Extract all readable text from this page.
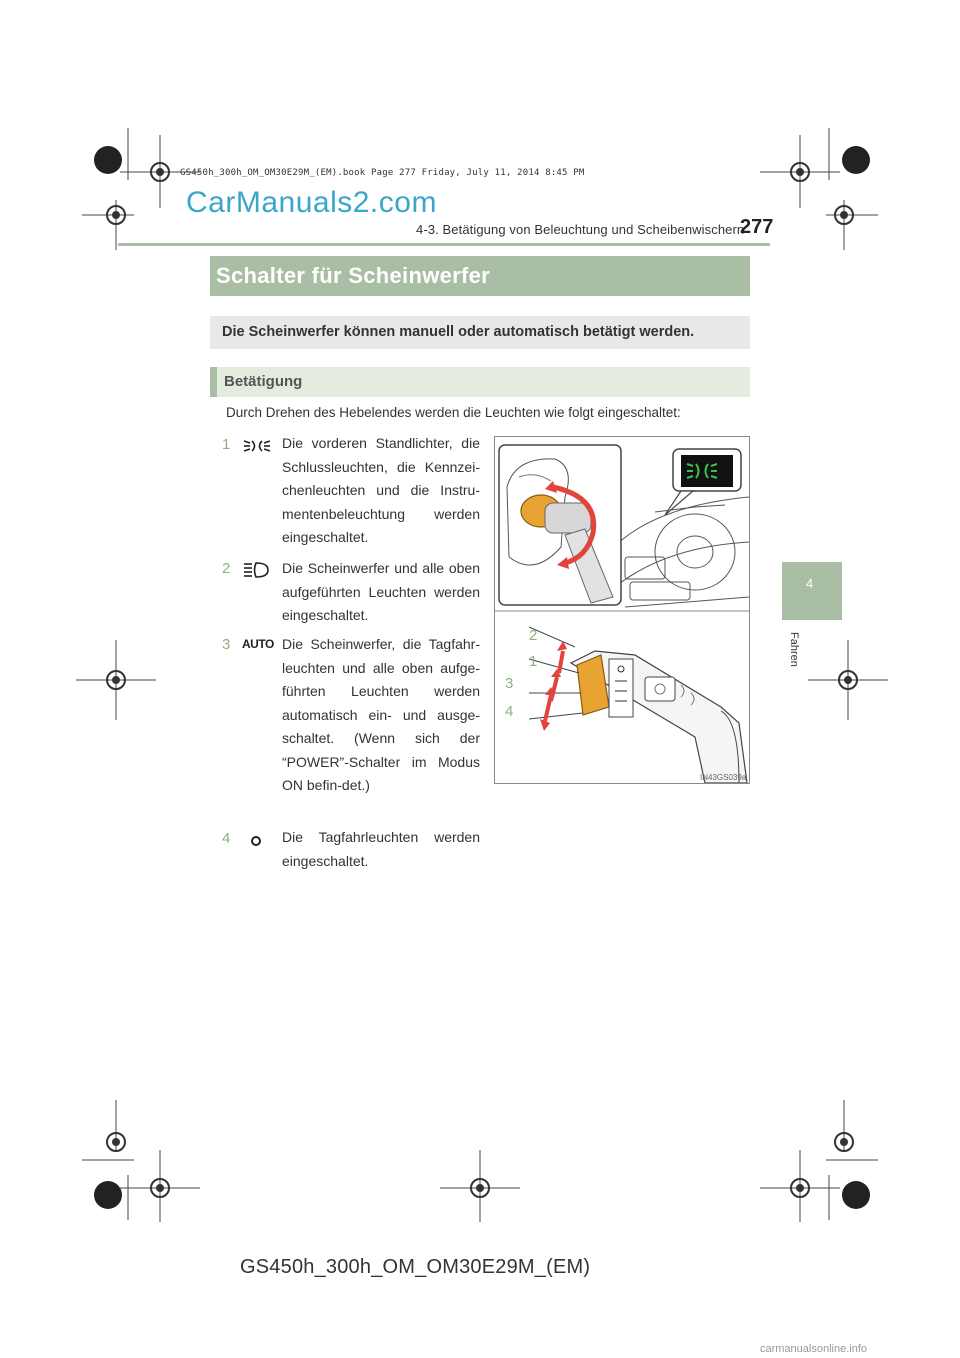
GS450h_300h_OM_OM30E29M_(EM).book Page 277 Friday, July 11, 2014 8:45 PM
CarManuals2.com
4-3. Betätigung von Beleuchtung und Scheibenwischern
277
4
Fahren
Schalter für Scheinwerfer
Die Scheinwerfer können manuell oder automatisch betätigt werden.
Betätigung
Durch Drehen des Hebelendes werden die Leuchten wie folgt eingeschaltet:
1	Die vorderen Standlichter, die Schlussleuchten, die Kennzei-chenleuchten und die Instru-mentenbeleuchtung werden eingeschaltet.
2	Die Scheinwerfer und alle oben aufgeführten Leuchten werden eingeschaltet.
3 AUTO Die Scheinwerfer, die Tagfahr-leuchten und alle oben aufge-führten Leuchten werden automatisch ein- und ausge-schaltet. (Wenn sich der “POWER”-Schalter im Modus ON befin-det.)
4	Die Tagfahrleuchten werden eingeschaltet.
2
1
3
4
IN43GS039a
GS450h_300h_OM_OM30E29M_(EM)
carmanualsonline.info
